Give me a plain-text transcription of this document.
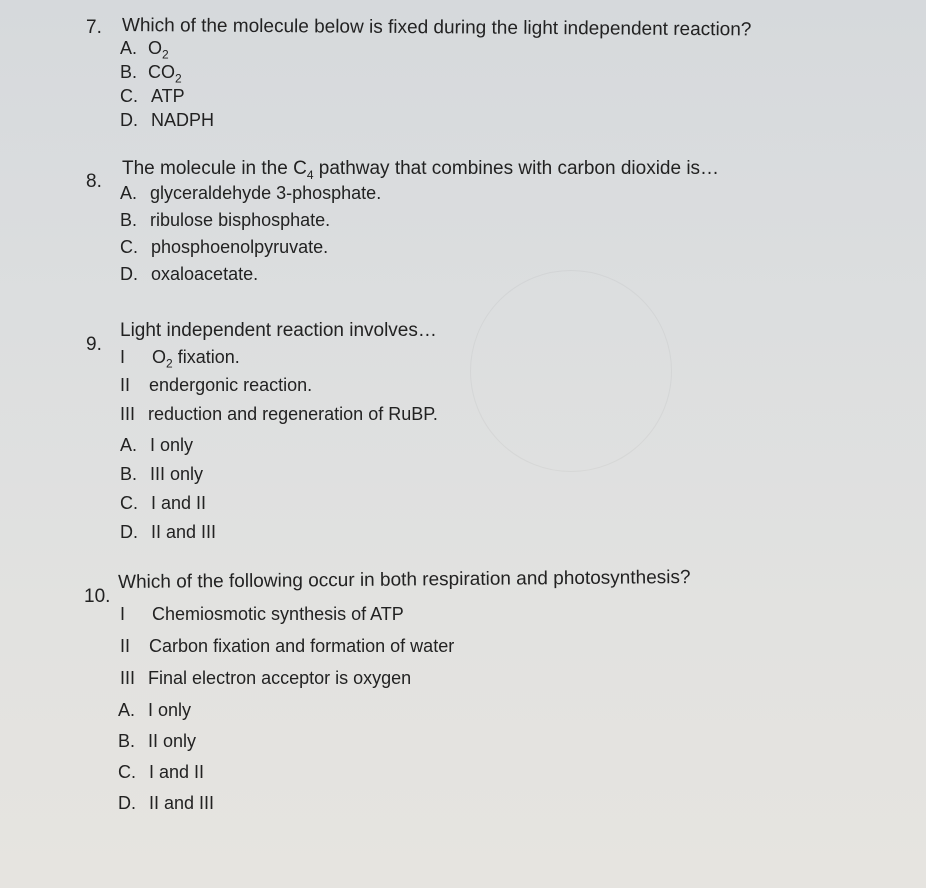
7. Which of the molecule below is fixed during the light independent reaction?
A. $O_2$
B. $CO_2$
C. ATP
D. NADPH
8.
The molecule in the $C_4$ pathway that combines with carbon dioxide is…
A. glyceraldehyde 3-phosphate.
B. ribulose bisphosphate.
C. phosphoenolpyruvate.
D. oxaloacetate.
9.
Light independent reaction involves…
I $O_2$ fixation.
II endergonic reaction.
III reduction and regeneration of RuBP.
A. I only
B. III only
C. I and II
D. II and III
10.
Which of the following occur in both respiration and photosynthesis?
I Chemiosmotic synthesis of ATP
II Carbon fixation and formation of water
III Final electron acceptor is oxygen
A. I only
B. II only
C. I and II
D. II and III
